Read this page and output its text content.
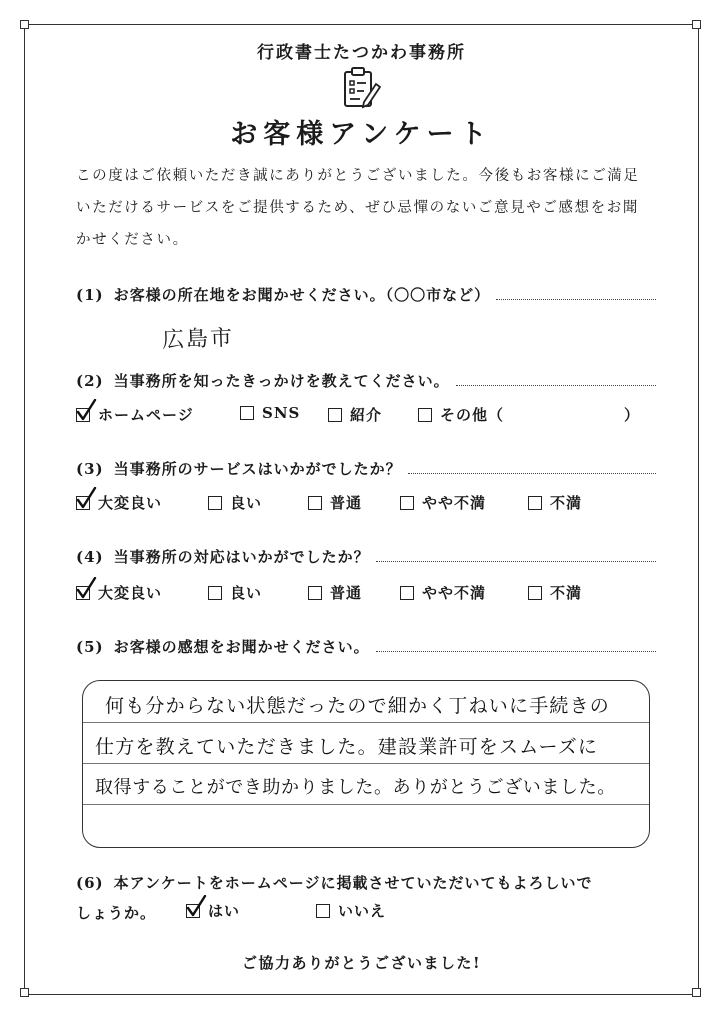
行政書士たつかわ事務所
お客様アンケート
この度はご依頼いただき誠にありがとうございました。今後もお客様にご満足
いただけるサービスをご提供するため、ぜひ忌憚のないご意見やご感想をお聞
かせください。
(1) お客様の所在地をお聞かせください。（〇〇市など）
広島市
(2) 当事務所を知ったきっかけを教えてください。
ホームページ	SNS	紹介	その他（	）
(3) 当事務所のサービスはいかがでしたか？
大変良い	良い	普通	やや不満	不満
(4) 当事務所の対応はいかがでしたか？
大変良い	良い	普通	やや不満	不満
(5) お客様の感想をお聞かせください。
何も分からない状態だったので細かく丁ねいに手続きの
仕方を教えていただきました。建設業許可をスムーズに
取得することができ助かりました。ありがとうございました。
(6) 本アンケートをホームページに掲載させていただいてもよろしいで
しょうか。	はい	いいえ
ご協力ありがとうございました!
